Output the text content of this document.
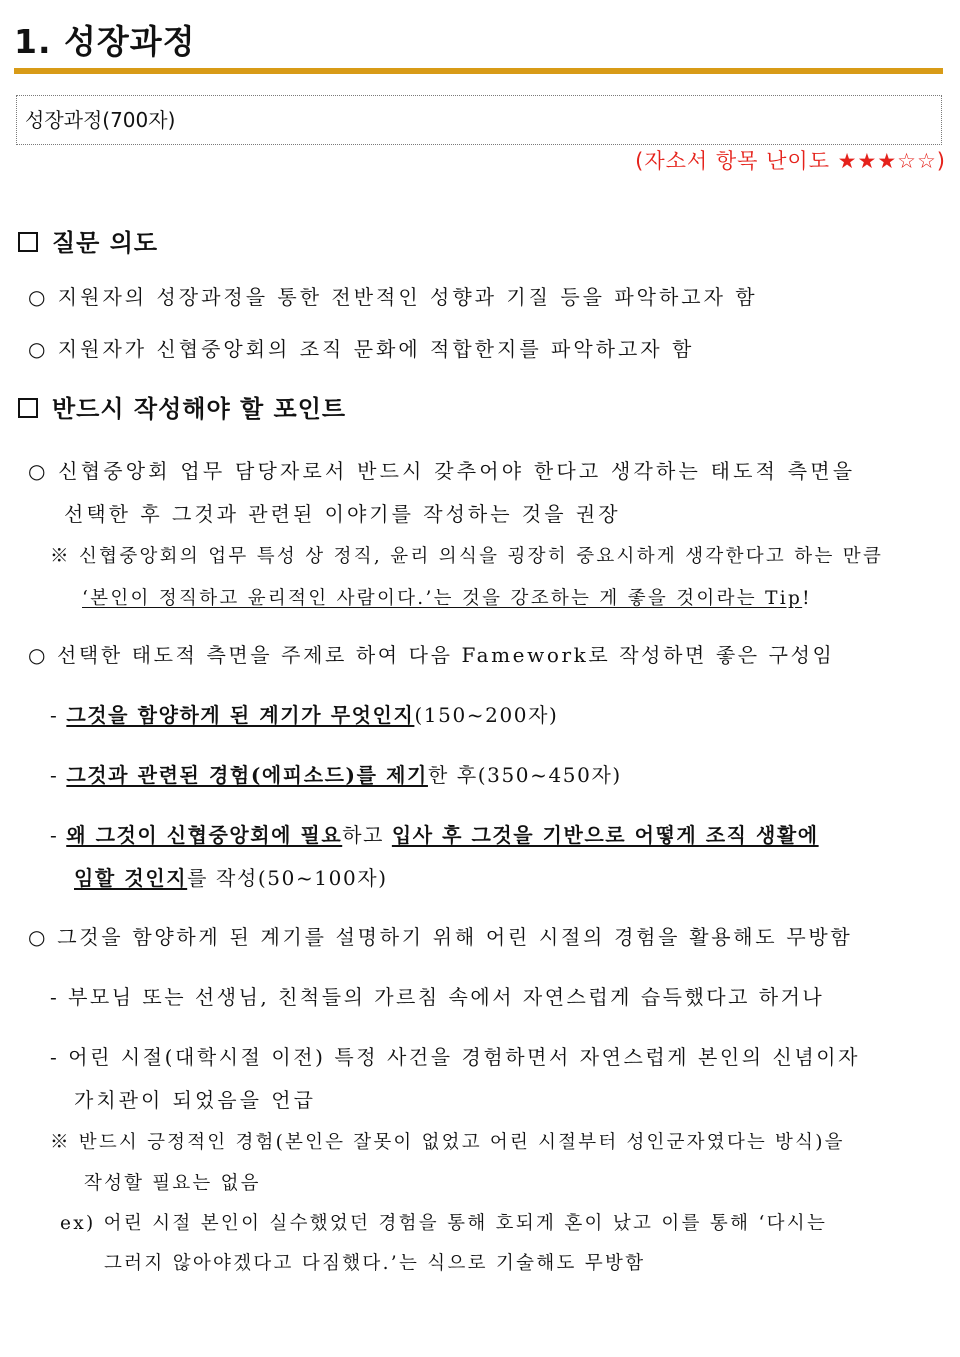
1. 성장과정
성장과정(700자)
(자소서 항목 난이도 ★★★☆☆)
질문 의도
○ 지원자의 성장과정을 통한 전반적인 성향과 기질 등을 파악하고자 함
○ 지원자가 신협중앙회의 조직 문화에 적합한지를 파악하고자 함
반드시 작성해야 할 포인트
○ 신협중앙회 업무 담당자로서 반드시 갖추어야 한다고 생각하는 태도적 측면을
선택한 후 그것과 관련된 이야기를 작성하는 것을 권장
※ 신협중앙회의 업무 특성 상 정직, 윤리 의식을 굉장히 중요시하게 생각한다고 하는 만큼
‘본인이 정직하고 윤리적인 사람이다.’는 것을 강조하는 게 좋을 것이라는 Tip!
○ 선택한 태도적 측면을 주제로 하여 다음 Famework로 작성하면 좋은 구성임
- 그것을 함양하게 된 계기가 무엇인지(150~200자)
- 그것과 관련된 경험(에피소드)를 제기한 후(350~450자)
- 왜 그것이 신협중앙회에 필요하고 입사 후 그것을 기반으로 어떻게 조직 생활에
임할 것인지를 작성(50~100자)
○ 그것을 함양하게 된 계기를 설명하기 위해 어린 시절의 경험을 활용해도 무방함
- 부모님 또는 선생님, 친척들의 가르침 속에서 자연스럽게 습득했다고 하거나
- 어린 시절(대학시절 이전) 특정 사건을 경험하면서 자연스럽게 본인의 신념이자
가치관이 되었음을 언급
※ 반드시 긍정적인 경험(본인은 잘못이 없었고 어린 시절부터 성인군자였다는 방식)을
작성할 필요는 없음
ex) 어린 시절 본인이 실수했었던 경험을 통해 호되게 혼이 났고 이를 통해 ‘다시는
그러지 않아야겠다고 다짐했다.’는 식으로 기술해도 무방함
